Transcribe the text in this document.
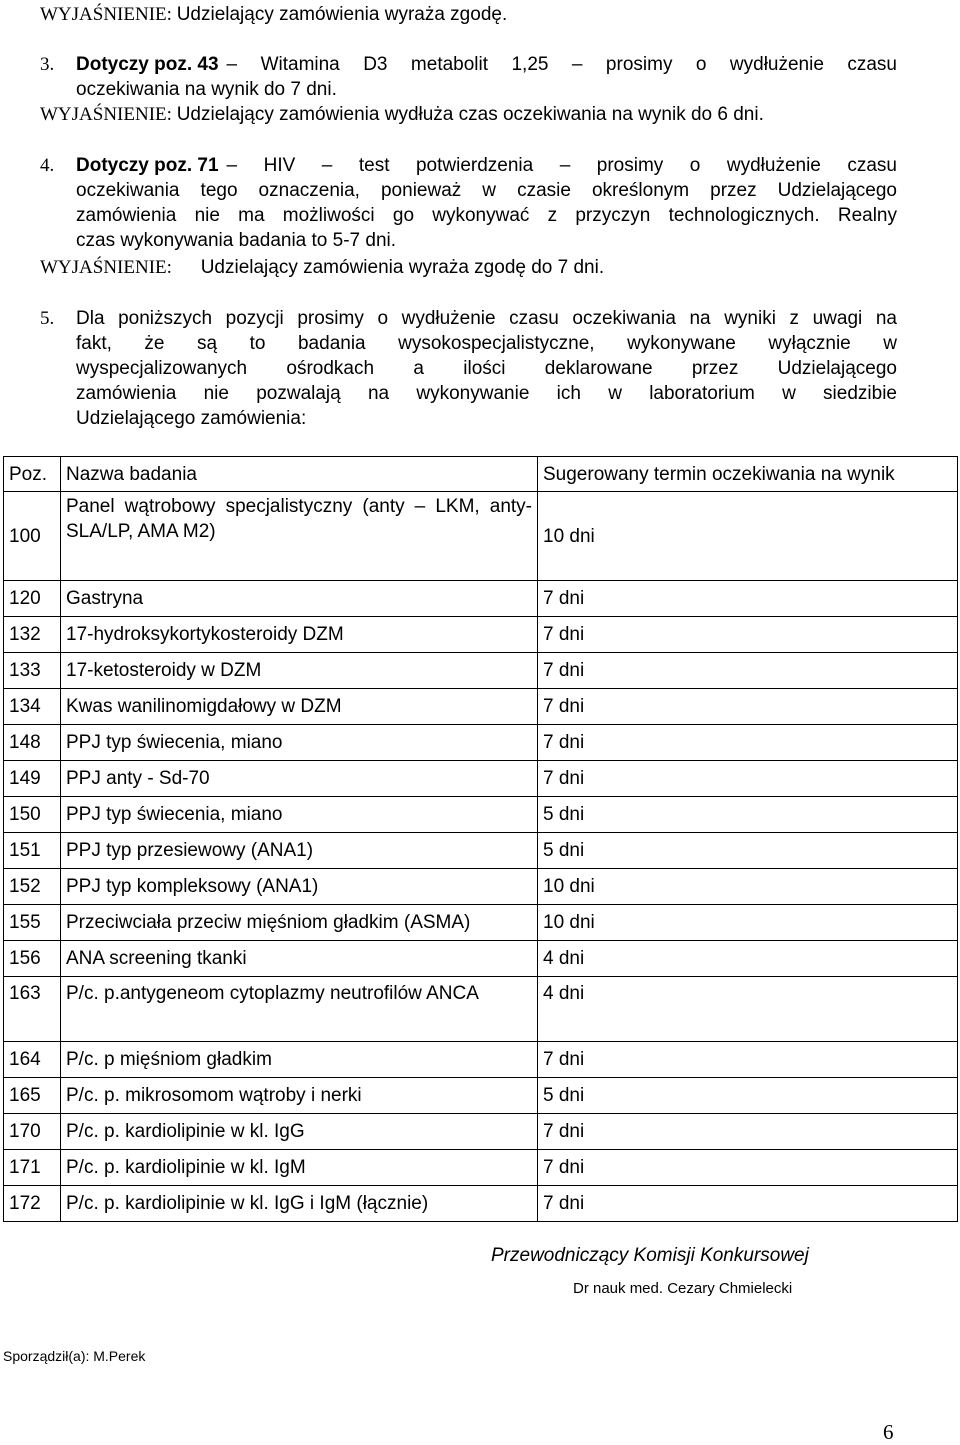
WYJAŚNIENIE: Udzielający zamówienia wyraża zgodę.
3.	Dotyczy poz. 43 – Witamina D3 metabolit 1,25 – prosimy o wydłużenie czasu
oczekiwania na wynik do 7 dni.
WYJAŚNIENIE: Udzielający zamówienia wydłuża czas oczekiwania na wynik do 6 dni.
4.	Dotyczy poz. 71 – HIV – test potwierdzenia – prosimy o wydłużenie czasu
oczekiwania tego oznaczenia, ponieważ w czasie określonym przez Udzielającego
zamówienia nie ma możliwości go wykonywać z przyczyn technologicznych. Realny
czas wykonywania badania to 5-7 dni.
WYJAŚNIENIE: Udzielający zamówienia wyraża zgodę do 7 dni.
5.	Dla poniższych pozycji prosimy o wydłużenie czasu oczekiwania na wyniki z uwagi na
fakt, że są to badania wysokospecjalistyczne, wykonywane wyłącznie w
wyspecjalizowanych ośrodkach a ilości deklarowane przez Udzielającego
zamówienia nie pozwalają na wykonywanie ich w laboratorium w siedzibie
Udzielającego zamówienia:
Poz.	Nazwa badania	Sugerowany termin oczekiwania na wynik
100	Panel wątrobowy specjalistyczny (anty – LKM, anty-SLA/LP, AMA M2)	10 dni
120	Gastryna	7 dni
132	17-hydroksykortykosteroidy DZM	7 dni
133	17-ketosteroidy w DZM	7 dni
134	Kwas wanilinomigdałowy w DZM	7 dni
148	PPJ typ świecenia, miano	7 dni
149	PPJ anty - Sd-70	7 dni
150	PPJ typ świecenia, miano	5 dni
151	PPJ typ przesiewowy (ANA1)	5 dni
152	PPJ typ kompleksowy (ANA1)	10 dni
155	Przeciwciała przeciw mięśniom gładkim (ASMA)	10 dni
156	ANA screening tkanki	4 dni
163	P/c. p.antygeneom cytoplazmy neutrofilów ANCA	4 dni
164	P/c. p mięśniom gładkim	7 dni
165	P/c. p. mikrosomom wątroby i nerki	5 dni
170	P/c. p. kardiolipinie w kl. IgG	7 dni
171	P/c. p. kardiolipinie w kl. IgM	7 dni
172	P/c. p. kardiolipinie w kl. IgG i IgM (łącznie)	7 dni
Przewodniczący Komisji Konkursowej
Dr nauk med. Cezary Chmielecki
Sporządził(a): M.Perek
6
